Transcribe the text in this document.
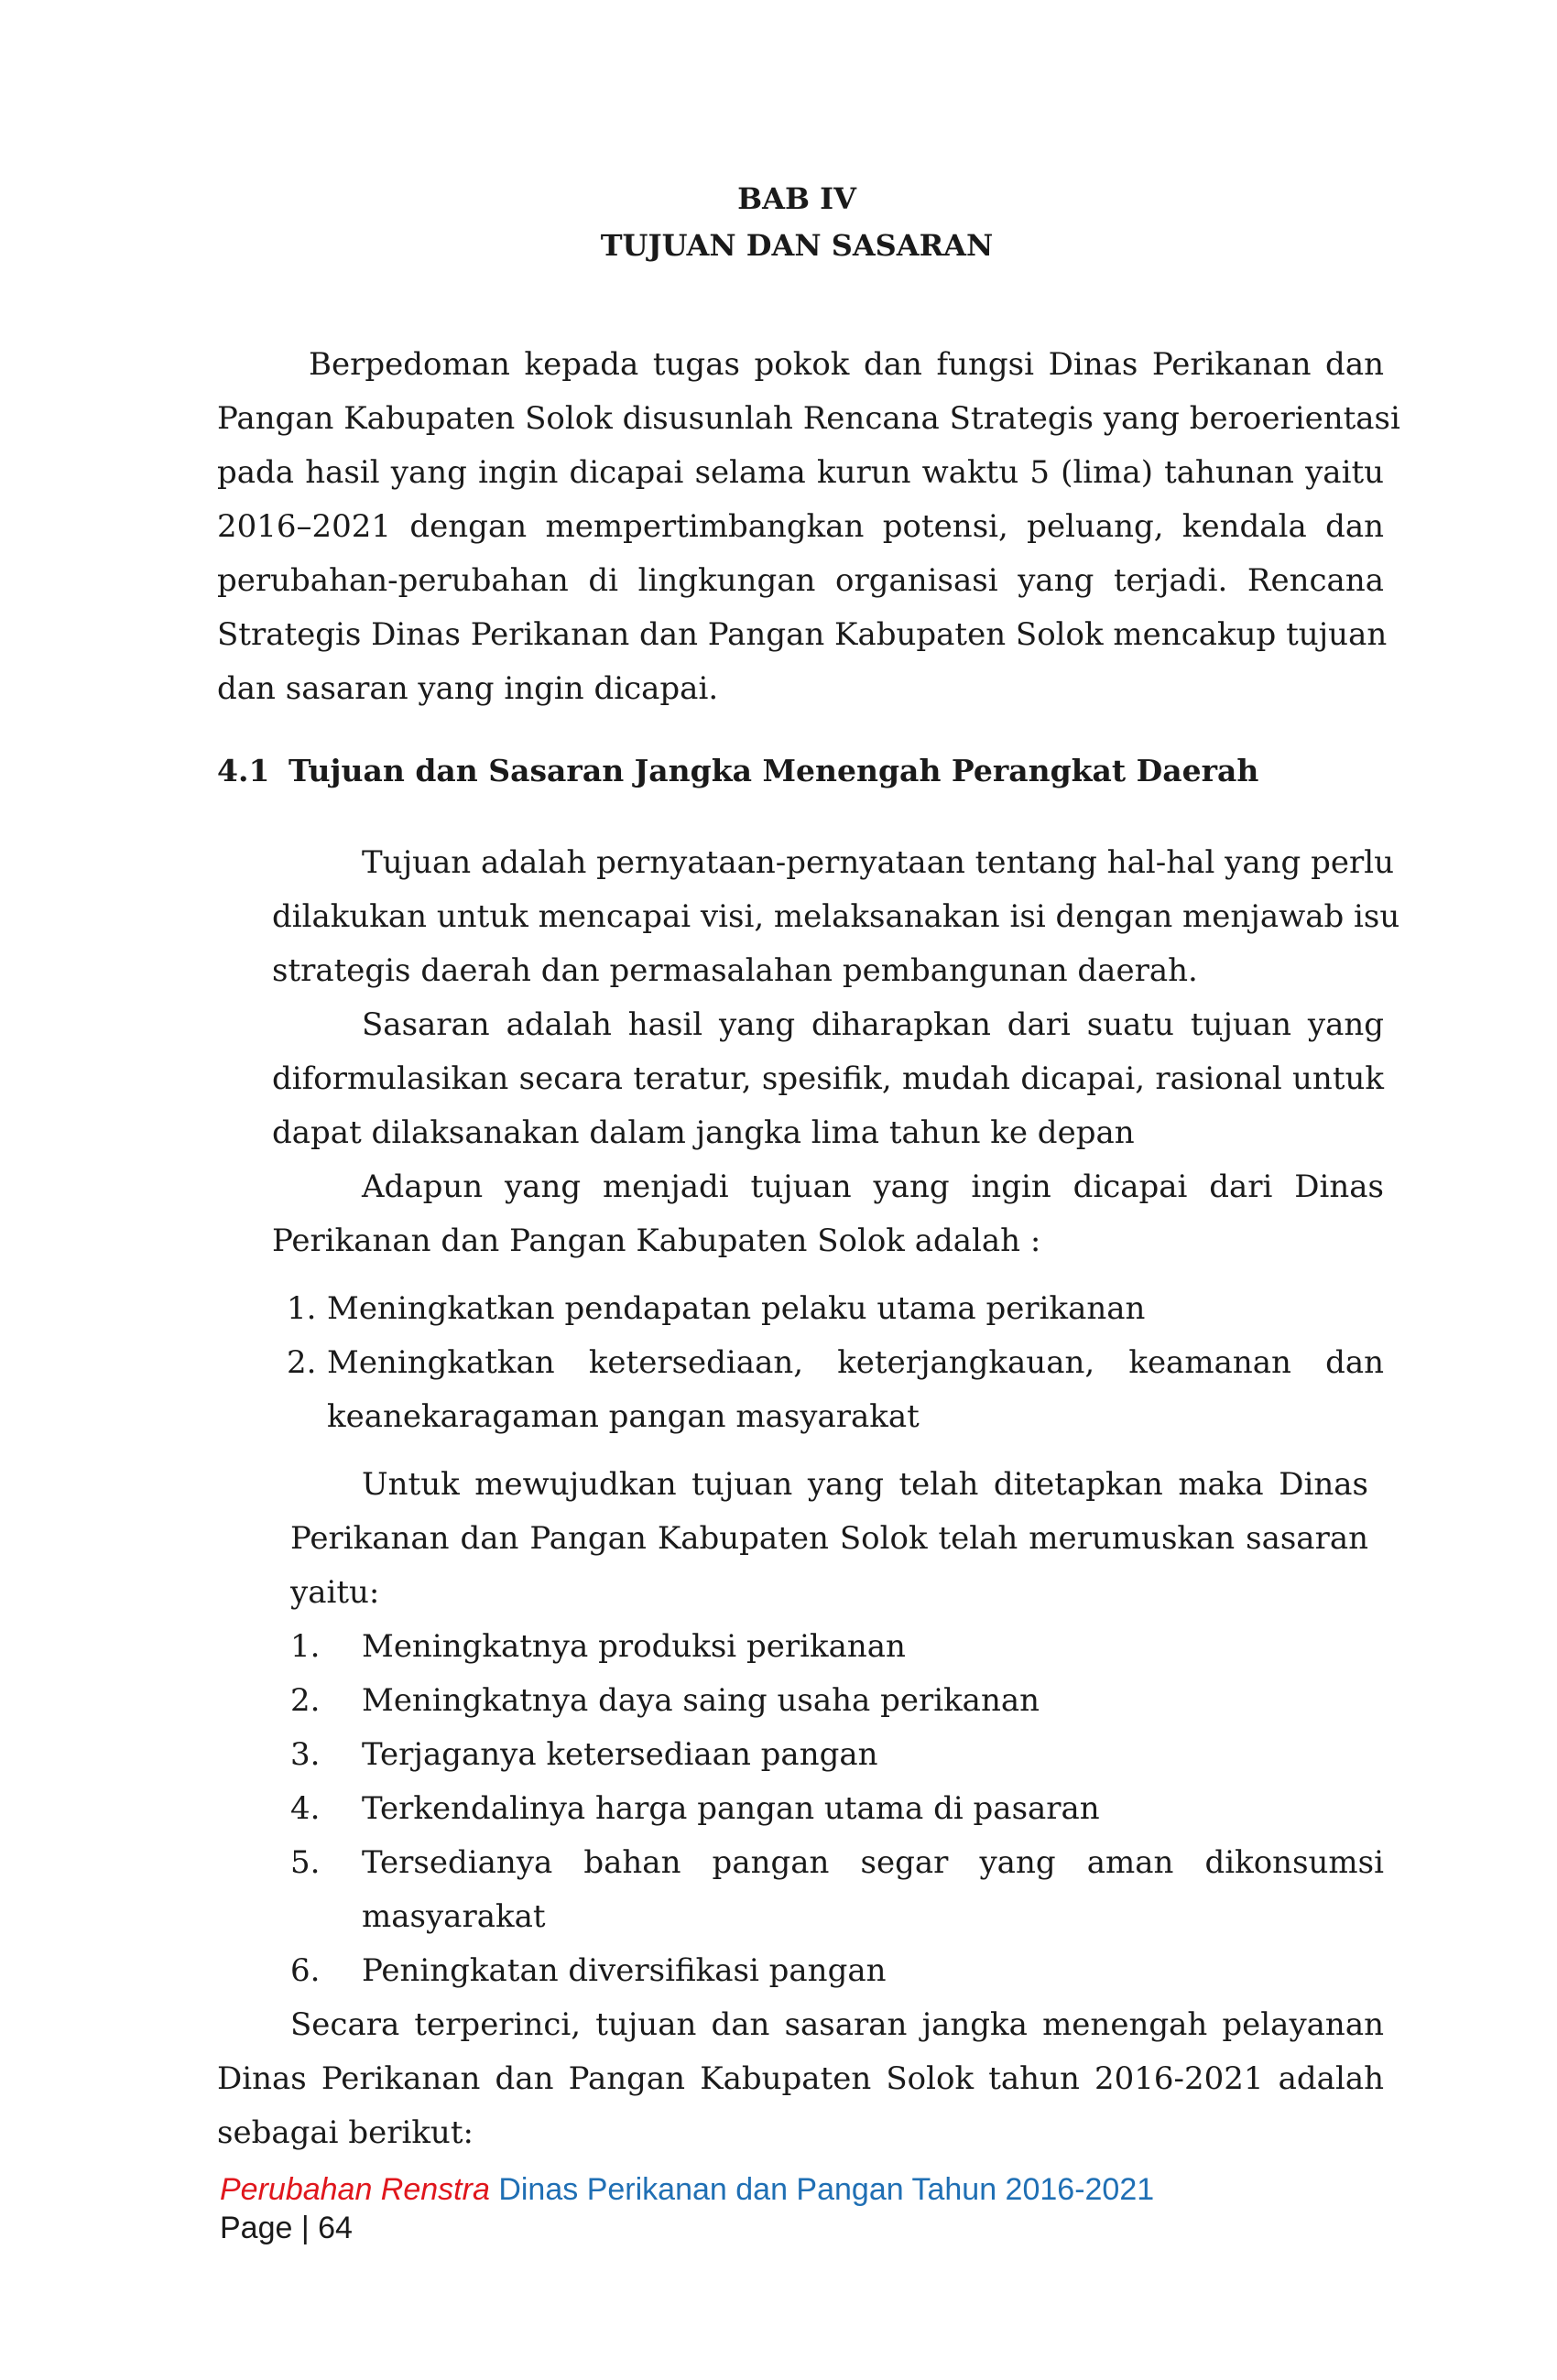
BAB IV
TUJUAN DAN SASARAN
Berpedoman kepada tugas pokok dan fungsi Dinas Perikanan dan
Pangan Kabupaten Solok disusunlah Rencana Strategis yang beroerientasi
pada hasil yang ingin dicapai selama kurun waktu 5 (lima) tahunan yaitu
2016–2021 dengan mempertimbangkan potensi, peluang, kendala dan
perubahan-perubahan di lingkungan organisasi yang terjadi. Rencana
Strategis Dinas Perikanan dan Pangan Kabupaten Solok mencakup tujuan
dan sasaran yang ingin dicapai.
4.1 Tujuan dan Sasaran Jangka Menengah Perangkat Daerah
Tujuan adalah pernyataan-pernyataan tentang hal-hal yang perlu
dilakukan untuk mencapai visi, melaksanakan isi dengan menjawab isu
strategis daerah dan permasalahan pembangunan daerah.
Sasaran adalah hasil yang diharapkan dari suatu tujuan yang
diformulasikan secara teratur, spesifik, mudah dicapai, rasional untuk
dapat dilaksanakan dalam jangka lima tahun ke depan
Adapun yang menjadi tujuan yang ingin dicapai dari Dinas
Perikanan dan Pangan Kabupaten Solok adalah :
1. Meningkatkan pendapatan pelaku utama perikanan
2. Meningkatkan ketersediaan, keterjangkauan, keamanan dan
keanekaragaman pangan masyarakat
Untuk mewujudkan tujuan yang telah ditetapkan maka Dinas
Perikanan dan Pangan Kabupaten Solok telah merumuskan sasaran
yaitu:
1. Meningkatnya produksi perikanan
2. Meningkatnya daya saing usaha perikanan
3. Terjaganya ketersediaan pangan
4. Terkendalinya harga pangan utama di pasaran
5. Tersedianya bahan pangan segar yang aman dikonsumsi
masyarakat
6. Peningkatan diversifikasi pangan
Secara terperinci, tujuan dan sasaran jangka menengah pelayanan
Dinas Perikanan dan Pangan Kabupaten Solok tahun 2016-2021 adalah
sebagai berikut:
Perubahan Renstra Dinas Perikanan dan Pangan Tahun 2016-2021
Page | 64
